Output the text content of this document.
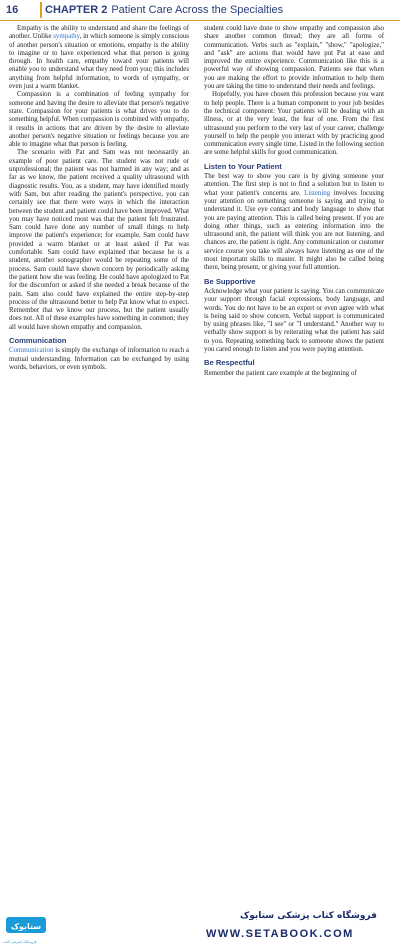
16 CHAPTER 2 Patient Care Across the Specialties

Empathy is the ability to understand and share the feelings of another. Unlike sympathy, in which someone is simply conscious of another person's situation or emotions, empathy is the ability to imagine or to have experienced what that person is going through. In health care, empathy toward your patients will enable you to understand what they need from you; this includes anything from helpful information, to words of sympathy, or even just a warm blanket.

Compassion is a combination of feeling sympathy for someone and having the desire to alleviate that person's negative state. Compassion for your patients is what drives you to do something helpful. When compassion is combined with empathy, it results in actions that are driven by the desire to alleviate another person's negative situation or feelings because you are able to imagine what that person is feeling.

The scenario with Pat and Sam was not necessarily an example of poor patient care. The student was not rude or unprofessional; the patient was not harmed in any way; and as far as we know, the patient received a quality ultrasound with diagnostic results. You, as a student, may have identified mostly with Sam, but after reading the patient's perspective, you can certainly see that there were ways in which the interaction between the student and patient could have been improved. What you may have noticed most was that the patient felt frustrated. Sam could have done any number of small things to help improve the patient's experience; for example, Sam could have provided a warm blanket or at least asked if Pat was comfortable. Sam could have explained that because he is a student, another sonographer would be repeating some of the process. Sam could have shown concern by periodically asking the patient how she was feeling. He could have apologized to Pat for the discomfort or asked if she needed a break because of the pain. Sam also could have explained the entire step-by-step process of the ultrasound better to help Pat know what to expect. Remember that we know our process, but the patient usually does not. All of these examples have something in common; they all would have shown empathy and compassion.

Communication

Communication is simply the exchange of information to reach a mutual understanding. Information can be exchanged by using words, behaviors, or even symbols.

student could have done to show empathy and compassion also share another common thread; they are all forms of communication. Verbs such as "explain," "show," "apologize," and "ask" are actions that would have put Pat at ease and improved the entire experience. Communication like this is a powerful way of showing compassion. Patients see that when you are making the effort to provide information to help them you are taking the time to understand their needs and feelings.

Hopefully, you have chosen this profession because you want to help people. There is a human component to your job besides the technical component: Your patients will be dealing with an illness, or at the very least, the fear of one. From the first ultrasound you perform to the very last of your career, challenge yourself to help the people you interact with by practicing good communication every single time. Listed in the following section are some helpful skills for good communication.

Listen to Your Patient

The best way to show you care is by giving someone your attention. The first step is not to find a solution but to listen to what your patient's concerns are. Listening involves focusing your attention on something someone is saying and trying to understand it. Use eye contact and body language to show that you are paying attention. This is called being present. If you are doing other things, such as entering information into the ultrasound unit, the patient will think you are not listening, and chances are, the patient is right. Any communication or customer service course you take will always have listening as one of the most important skills to master. It might also be called being there, being present, or giving your full attention.

Be Supportive

Acknowledge what your patient is saying. You can communicate your support through facial expressions, body language, and words. You do not have to be an expert or even agree with what is being said to show concern. Verbal support is communicated by using phrases like, "I see" or "I understand." Another way to verbally show support is by reiterating what the patient has said to you. Repeating something back to someone shows the patient you cared enough to listen and you were paying attention.

Be Respectful

Remember the patient care example at the beginning of

ستابوک
فروشگاه اینترنتی کتاب
فروشگاه کتاب پزشکی ستابوک
WWW.SETABOOK.COM
